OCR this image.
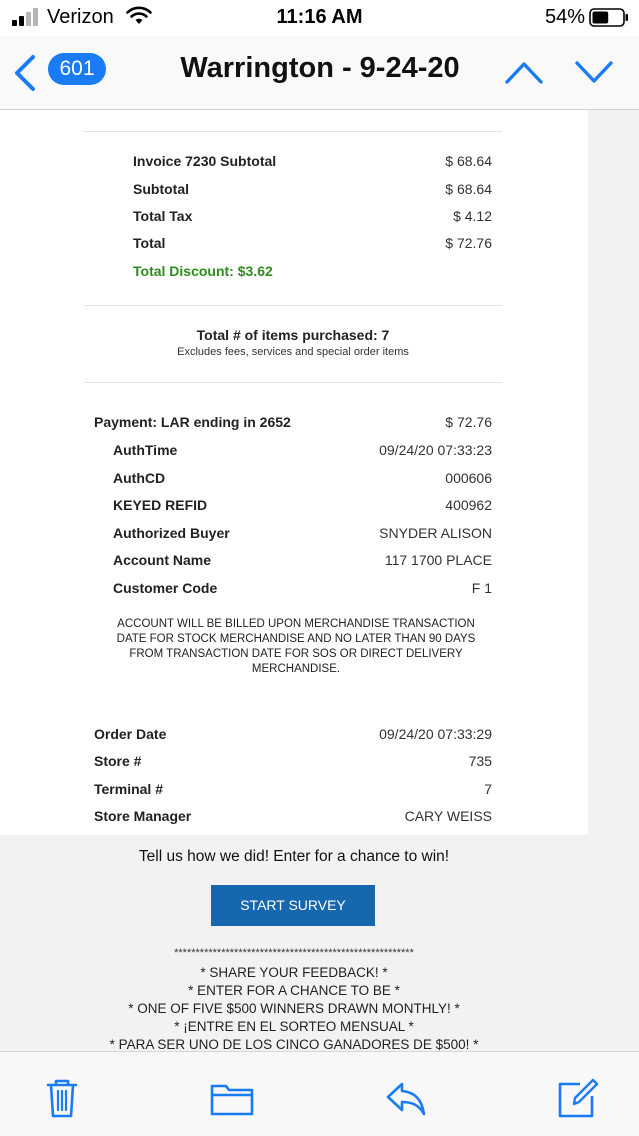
Verizon	11:16 AM	54%
601	Warrington - 9-24-20
Invoice 7230 Subtotal	$ 68.64
Subtotal	$ 68.64
Total Tax	$ 4.12
Total	$ 72.76
Total Discount: $3.62
Total # of items purchased: 7
Excludes fees, services and special order items
Payment: LAR ending in 2652	$ 72.76
AuthTime	09/24/20 07:33:23
AuthCD	000606
KEYED REFID	400962
Authorized Buyer	SNYDER ALISON
Account Name	117 1700 PLACE
Customer Code	F 1
ACCOUNT WILL BE BILLED UPON MERCHANDISE TRANSACTION DATE FOR STOCK MERCHANDISE AND NO LATER THAN 90 DAYS FROM TRANSACTION DATE FOR SOS OR DIRECT DELIVERY MERCHANDISE.
Order Date	09/24/20 07:33:29
Store #	735
Terminal #	7
Store Manager	CARY WEISS
Tell us how we did! Enter for a chance to win!
START SURVEY
********************************************************
* SHARE YOUR FEEDBACK! *
* ENTER FOR A CHANCE TO BE *
* ONE OF FIVE $500 WINNERS DRAWN MONTHLY! *
* ¡ENTRE EN EL SORTEO MENSUAL *
* PARA SER UNO DE LOS CINCO GANADORES DE $500! *
